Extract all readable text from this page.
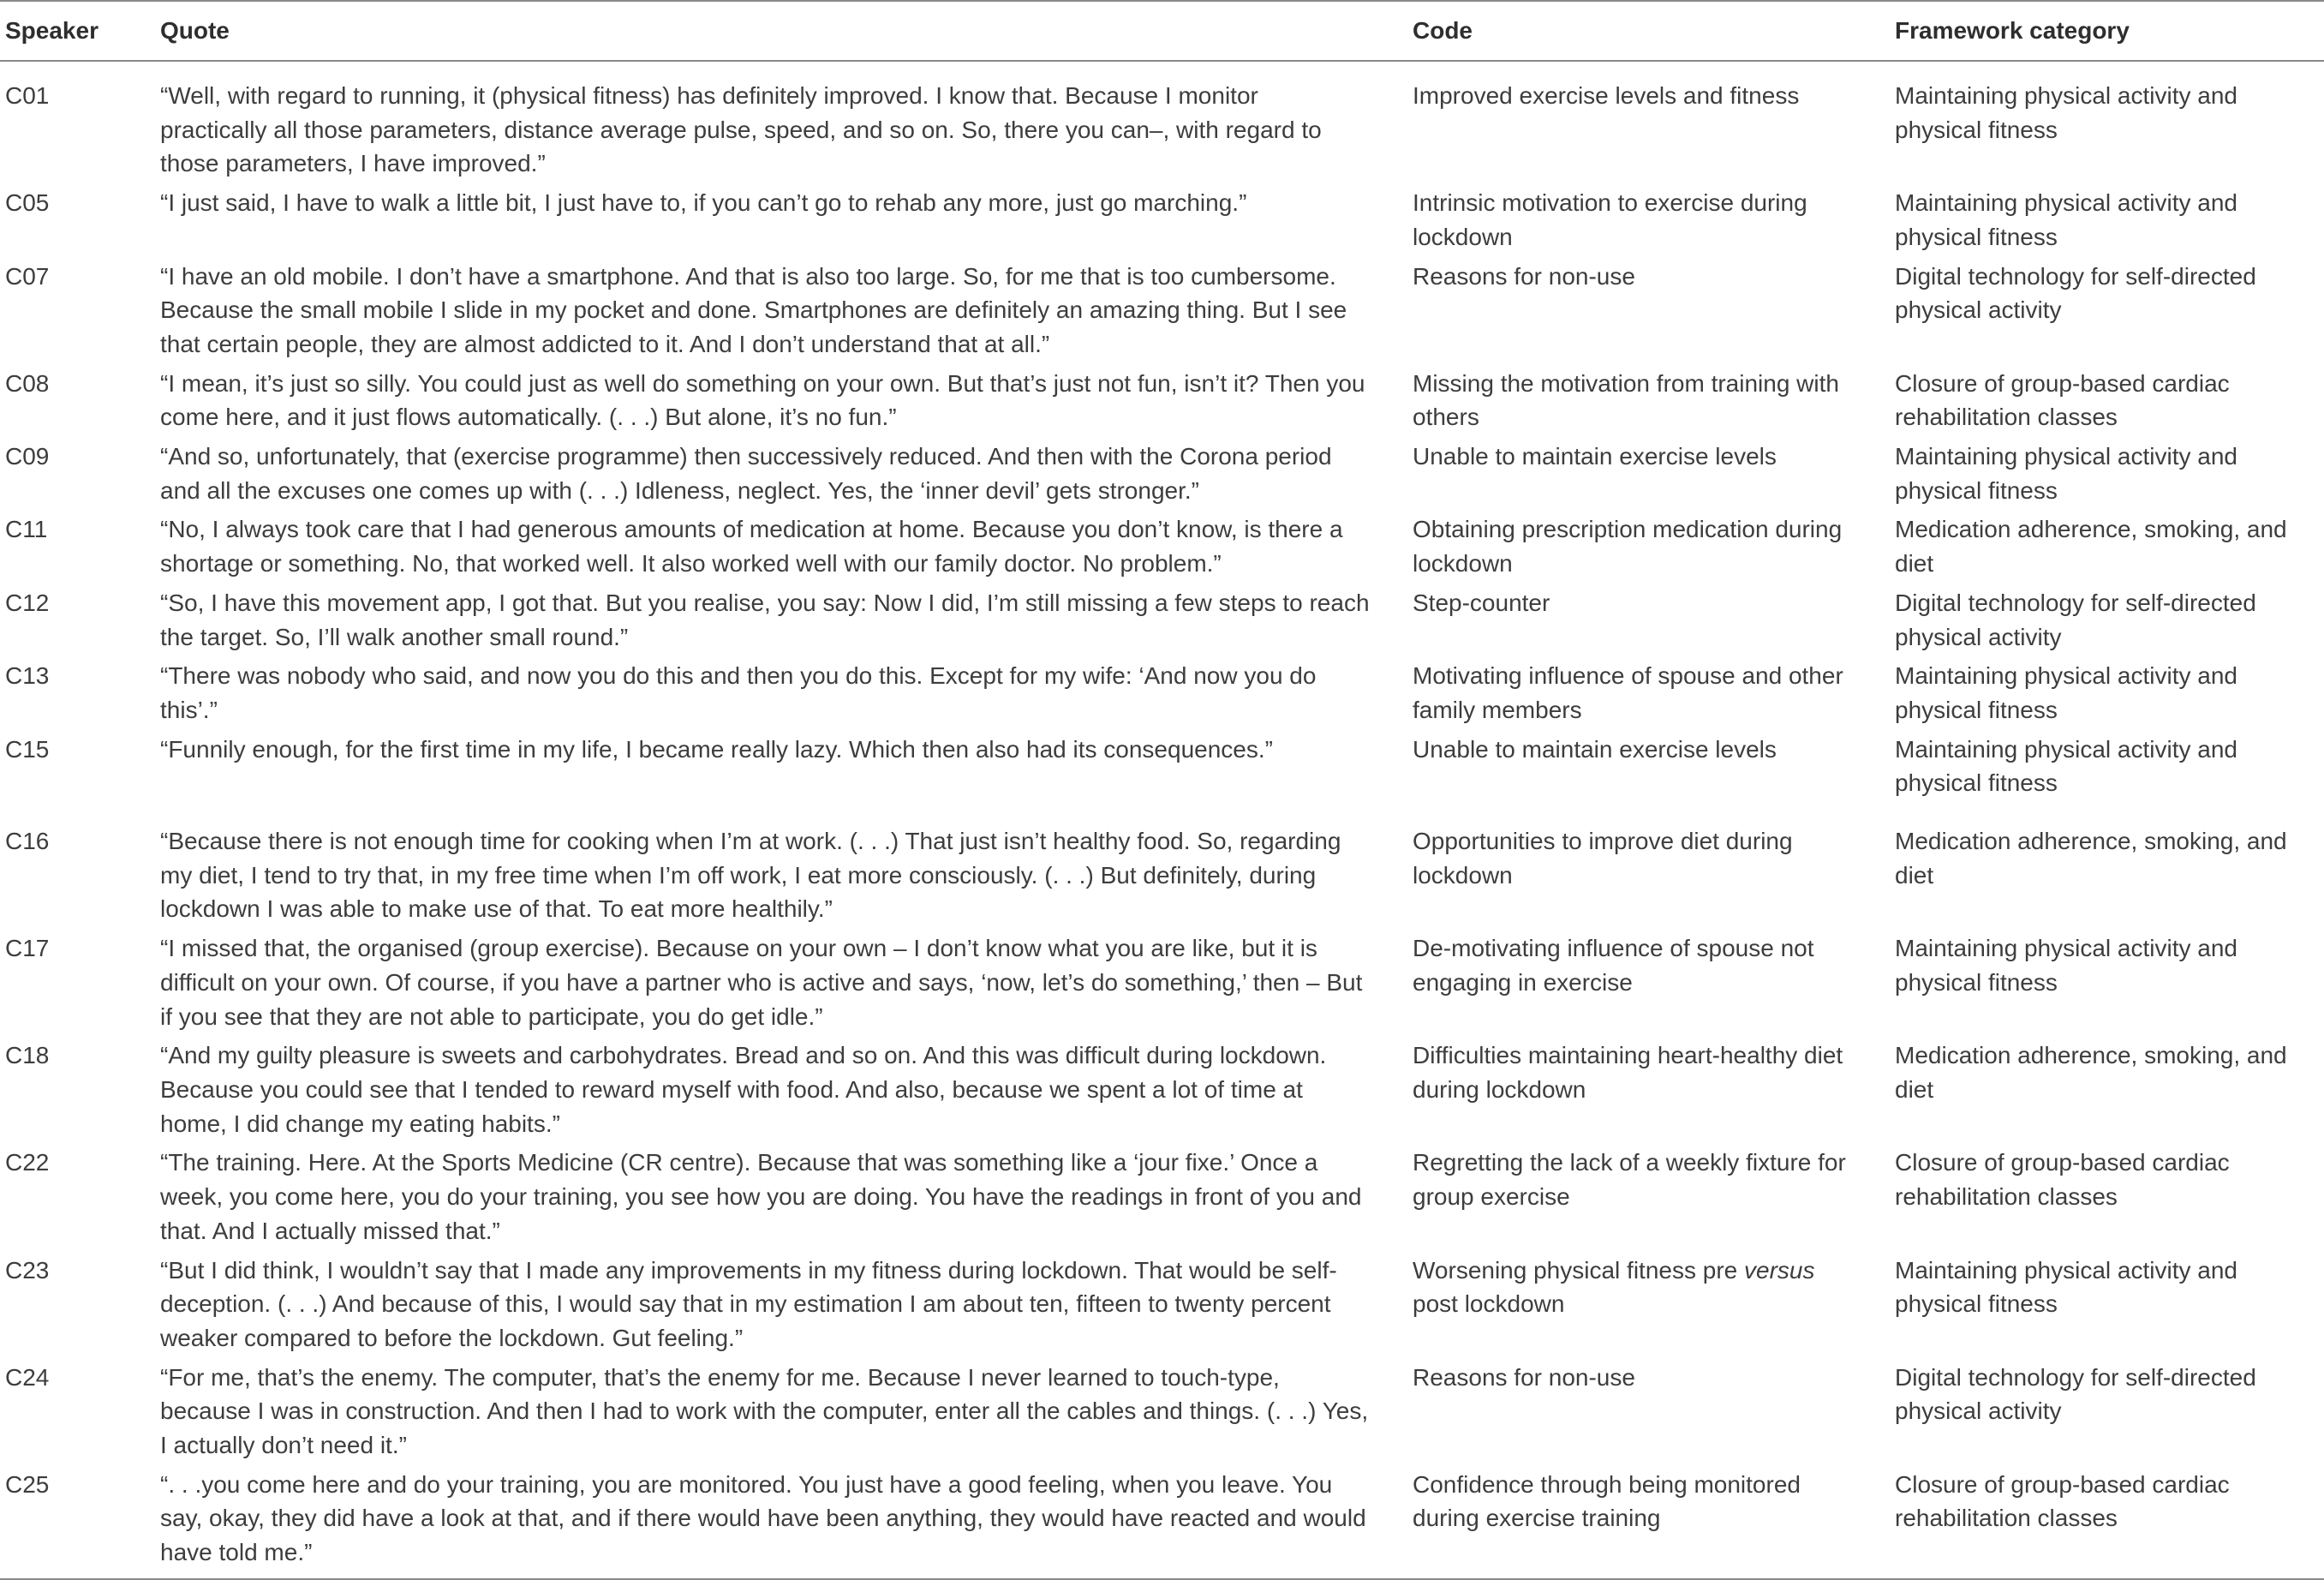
Speaker	Quote	Code	Framework category
C01	“Well, with regard to running, it (physical fitness) has definitely improved. I know that. Because I monitor practically all those parameters, distance average pulse, speed, and so on. So, there you can–, with regard to those parameters, I have improved.”	Improved exercise levels and fitness	Maintaining physical activity and physical fitness
C05	“I just said, I have to walk a little bit, I just have to, if you can’t go to rehab any more, just go marching.”	Intrinsic motivation to exercise during lockdown	Maintaining physical activity and physical fitness
C07	“I have an old mobile. I don’t have a smartphone. And that is also too large. So, for me that is too cumbersome. Because the small mobile I slide in my pocket and done. Smartphones are definitely an amazing thing. But I see that certain people, they are almost addicted to it. And I don’t understand that at all.”	Reasons for non-use	Digital technology for self-directed physical activity
C08	“I mean, it’s just so silly. You could just as well do something on your own. But that’s just not fun, isn’t it? Then you come here, and it just flows automatically. (. . .) But alone, it’s no fun.”	Missing the motivation from training with others	Closure of group-based cardiac rehabilitation classes
C09	“And so, unfortunately, that (exercise programme) then successively reduced. And then with the Corona period and all the excuses one comes up with (. . .) Idleness, neglect. Yes, the ‘inner devil’ gets stronger.”	Unable to maintain exercise levels	Maintaining physical activity and physical fitness
C11	“No, I always took care that I had generous amounts of medication at home. Because you don’t know, is there a shortage or something. No, that worked well. It also worked well with our family doctor. No problem.”	Obtaining prescription medication during lockdown	Medication adherence, smoking, and diet
C12	“So, I have this movement app, I got that. But you realise, you say: Now I did, I’m still missing a few steps to reach the target. So, I’ll walk another small round.”	Step-counter	Digital technology for self-directed physical activity
C13	“There was nobody who said, and now you do this and then you do this. Except for my wife: ‘And now you do this’.”	Motivating influence of spouse and other family members	Maintaining physical activity and physical fitness
C15	“Funnily enough, for the first time in my life, I became really lazy. Which then also had its consequences.”	Unable to maintain exercise levels	Maintaining physical activity and physical fitness
C16	“Because there is not enough time for cooking when I’m at work. (. . .) That just isn’t healthy food. So, regarding my diet, I tend to try that, in my free time when I’m off work, I eat more consciously. (. . .) But definitely, during lockdown I was able to make use of that. To eat more healthily.”	Opportunities to improve diet during lockdown	Medication adherence, smoking, and diet
C17	“I missed that, the organised (group exercise). Because on your own – I don’t know what you are like, but it is difficult on your own. Of course, if you have a partner who is active and says, ‘now, let’s do something,’ then – But if you see that they are not able to participate, you do get idle.”	De-motivating influence of spouse not engaging in exercise	Maintaining physical activity and physical fitness
C18	“And my guilty pleasure is sweets and carbohydrates. Bread and so on. And this was difficult during lockdown. Because you could see that I tended to reward myself with food. And also, because we spent a lot of time at home, I did change my eating habits.”	Difficulties maintaining heart-healthy diet during lockdown	Medication adherence, smoking, and diet
C22	“The training. Here. At the Sports Medicine (CR centre). Because that was something like a ‘jour fixe.’ Once a week, you come here, you do your training, you see how you are doing. You have the readings in front of you and that. And I actually missed that.”	Regretting the lack of a weekly fixture for group exercise	Closure of group-based cardiac rehabilitation classes
C23	“But I did think, I wouldn’t say that I made any improvements in my fitness during lockdown. That would be self-deception. (. . .) And because of this, I would say that in my estimation I am about ten, fifteen to twenty percent weaker compared to before the lockdown. Gut feeling.”	Worsening physical fitness pre versus post lockdown	Maintaining physical activity and physical fitness
C24	“For me, that’s the enemy. The computer, that’s the enemy for me. Because I never learned to touch-type, because I was in construction. And then I had to work with the computer, enter all the cables and things. (. . .) Yes, I actually don’t need it.”	Reasons for non-use	Digital technology for self-directed physical activity
C25	“. . .you come here and do your training, you are monitored. You just have a good feeling, when you leave. You say, okay, they did have a look at that, and if there would have been anything, they would have reacted and would have told me.”	Confidence through being monitored during exercise training	Closure of group-based cardiac rehabilitation classes
